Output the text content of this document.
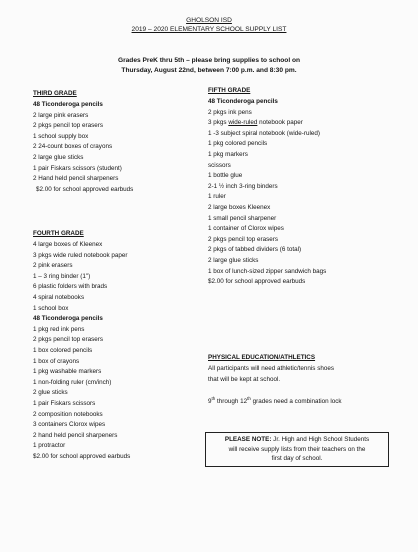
GHOLSON ISD
2019 – 2020 ELEMENTARY SCHOOL SUPPLY LIST
Grades PreK thru 5th – please bring supplies to school on
Thursday, August 22nd, between 7:00 p.m. and 8:30 pm.
THIRD GRADE
48 Ticonderoga pencils
2 large pink erasers
2 pkgs pencil top erasers
1 school supply box
2 24-count boxes of crayons
2 large glue sticks
1 pair Fiskars scissors (student)
2 Hand held pencil sharpeners
$2.00 for school approved earbuds
FOURTH GRADE
4 large boxes of Kleenex
3 pkgs wide ruled notebook paper
2 pink erasers
1 – 3 ring binder (1")
6 plastic folders with brads
4 spiral notebooks
1 school box
48 Ticonderoga pencils
1 pkg red ink pens
2 pkgs pencil top erasers
1 box colored pencils
1 box of crayons
1 pkg washable markers
1 non-folding ruler (cm/inch)
2 glue sticks
1 pair Fiskars scissors
2 composition notebooks
3 containers Clorox wipes
2 hand held pencil sharpeners
1 protractor
$2.00 for school approved earbuds
FIFTH GRADE
48 Ticonderoga pencils
2 pkgs ink pens
3 pkgs wide-ruled notebook paper
1 -3 subject spiral notebook (wide-ruled)
1 pkg colored pencils
1 pkg markers
scissors
1 bottle glue
2-1 ½ inch 3-ring binders
1 ruler
2 large boxes Kleenex
1 small pencil sharpener
1 container of Clorox wipes
2 pkgs pencil top erasers
2 pkgs of tabbed dividers (6 total)
2 large glue sticks
1 box of lunch-sized zipper sandwich bags
$2.00 for school approved earbuds
PHYSICAL EDUCATION/ATHLETICS
All participants will need athletic/tennis shoes
that will be kept at school.
9th through 12th grades need a combination lock
PLEASE NOTE: Jr. High and High School Students
will receive supply lists from their teachers on the
first day of school.
